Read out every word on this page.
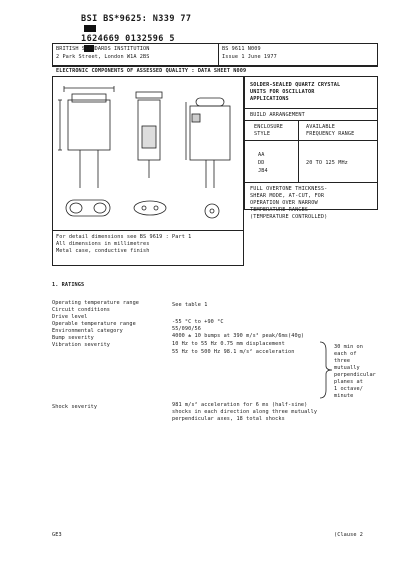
BSI BS*9625: N339 77

1624669 0132596 5

BRITISH STANDARDS INSTITUTION
2 Park Street, London W1A 2BS
BS 9611 N009
Issue 1 June 1977
ELECTRONIC COMPONENTS OF ASSESSED QUALITY : DATA SHEET N009
For detail dimensions see BS 9619 : Part 1
All dimensions in millimetres
Metal case, conductive finish
SOLDER-SEALED QUARTZ CRYSTAL
UNITS FOR OSCILLATOR
APPLICATIONS
BUILD ARRANGEMENT
ENCLOSURE
STYLE
AVAILABLE
FREQUENCY RANGE
AA
DD
JB4
20 TO 125 MHz
FULL OVERTONE THICKNESS-
SHEAR MODE, AT-CUT, FOR
OPERATION OVER NARROW
TEMPERATURE RANGES
(TEMPERATURE CONTROLLED)
1. RATINGS
Operating temperature range
Circuit conditions
Drive level
Operable temperature range
Environmental category
Bump severity
Vibration severity
See table 1
-55 °C to +90 °C
55/090/56
4000 ± 10 bumps at 390 m/s² peak/6ms(40g)
10 Hz to 55 Hz 0.75 mm displacement
55 Hz to 500 Hz 98.1 m/s² acceleration
30 min on
each of
three
mutually
perpendicular
planes at
1 octave/
minute
Shock severity	981 m/s² acceleration for 6 ms (half-sine)
shocks in each direction along three mutually
perpendicular axes, 18 total shocks
GE3	(Clause 2
